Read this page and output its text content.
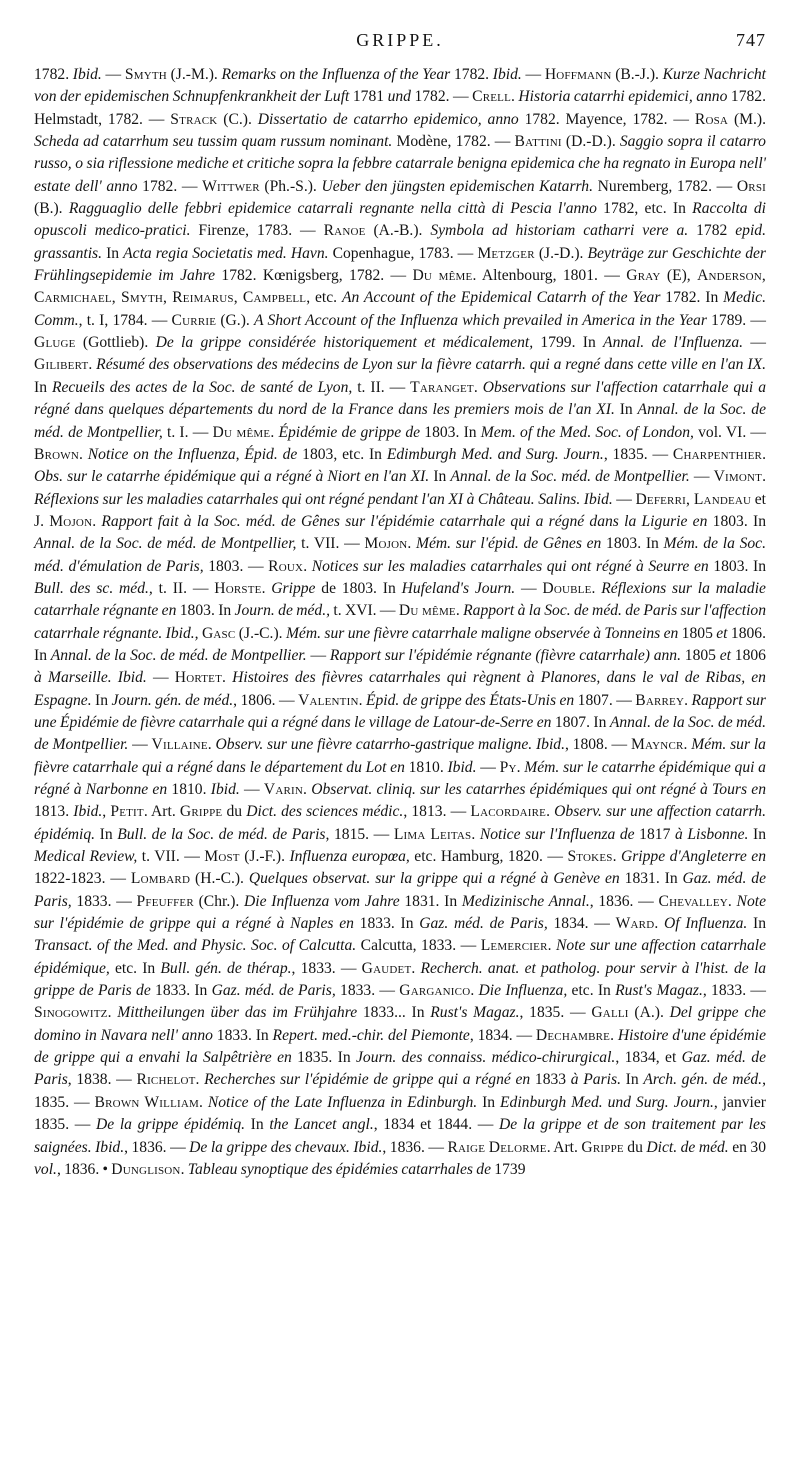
GRIPPE.	747
1782. Ibid. — Smyth (J.-M.). Remarks on the Influenza of the Year 1782. Ibid. — Hoffmann (B.-J.). Kurze Nachricht von der epidemischen Schnupfenkrankheit der Luft 1781 und 1782. — Crell. Historia catarrhi epidemici, anno 1782. Helmstadt, 1782. — Strack (C.). Dissertatio de catarrho epidemico, anno 1782. Mayence, 1782. — Rosa (M.). Scheda ad catarrhum seu tussim quam russum nominant. Modène, 1782. — Battini (D.-D.). Saggio sopra il catarro russo, o sia riflessione mediche et critiche sopra la febbre catarrale benigna epidemica che ha regnato in Europa nell' estate dell' anno 1782. — Wittwer (Ph.-S.). Ueber den jüngsten epidemischen Katarrh. Nuremberg, 1782. — Orsi (B.). Ragguaglio delle febbri epidemice catarrali regnante nella città di Pescia l'anno 1782, etc. In Raccolta di opuscoli medico-pratici. Firenze, 1783. — Ranoe (A.-B.). Symbola ad historiam catharri vere a. 1782 epid. grassantis. In Acta regia Societatis med. Havn. Copenhague, 1783. — Metzger (J.-D.). Beyträge zur Geschichte der Frühlingsepidemie im Jahre 1782. Kœnigsberg, 1782. — Du même. Altenbourg, 1801. — Gray (E), Anderson, Carmichael, Smyth, Reimarus, Campbell, etc. An Account of the Epidemical Catarrh of the Year 1782. In Medic. Comm., t. I, 1784. — Currie (G.). A Short Account of the Influenza which prevailed in America in the Year 1789. — Gluge (Gottlieb). De la grippe considérée historiquement et médicalement, 1799. In Annal. de l'Influenza. — Gilibert. Résumé des observations des médecins de Lyon sur la fièvre catarrh. qui a regné dans cette ville en l'an IX. In Recueils des actes de la Soc. de santé de Lyon, t. II. — Taranget. Observations sur l'affection catarrhale qui a régné dans quelques départements du nord de la France dans les premiers mois de l'an XI. In Annal. de la Soc. de méd. de Montpellier, t. I. — Du même. Épidémie de grippe de 1803. In Mem. of the Med. Soc. of London, vol. VI. — Brown. Notice on the Influenza, Épid. de 1803, etc. In Edimburgh Med. and Surg. Journ., 1835. — Charpenthier. Obs. sur le catarrhe épidémique qui a régné à Niort en l'an XI. In Annal. de la Soc. méd. de Montpellier. — Vimont. Réflexions sur les maladies catarrhales qui ont régné pendant l'an XI à Château. Salins. Ibid. — Deferri, Landeau et J. Mojon. Rapport fait à la Soc. méd. de Gênes sur l'épidémie catarrhale qui a régné dans la Ligurie en 1803. In Annal. de la Soc. de méd. de Montpellier, t. VII. — Mojon. Mém. sur l'épid. de Gênes en 1803. In Mém. de la Soc. méd. d'émulation de Paris, 1803. — Roux. Notices sur les maladies catarrhales qui ont régné à Seurre en 1803. In Bull. des sc. méd., t. II. — Horste. Grippe de 1803. In Hufeland's Journ. — Double. Réflexions sur la maladie catarrhale régnante en 1803. In Journ. de méd., t. XVI. — Du même. Rapport à la Soc. de méd. de Paris sur l'affection catarrhale régnante. Ibid., Gasc (J.-C.). Mém. sur une fièvre catarrhale maligne observée à Tonneins en 1805 et 1806. In Annal. de la Soc. de méd. de Montpellier. — Rapport sur l'épidémie régnante (fièvre catarrhale) ann. 1805 et 1806 à Marseille. Ibid. — Hortet. Histoires des fièvres catarrhales qui règnent à Planores, dans le val de Ribas, en Espagne. In Journ. gén. de méd., 1806. — Valentin. Épid. de grippe des États-Unis en 1807. — Barrey. Rapport sur une Épidémie de fièvre catarrhale qui a régné dans le village de Latour-de-Serre en 1807. In Annal. de la Soc. de méd. de Montpellier. — Villaine. Observ. sur une fièvre catarrho-gastrique maligne. Ibid., 1808. — Mayncr. Mém. sur la fièvre catarrhale qui a régné dans le département du Lot en 1810. Ibid. — Py. Mém. sur le catarrhe épidémique qui a régné à Narbonne en 1810. Ibid. — Varin. Observat. cliniq. sur les catarrhes épidémiques qui ont régné à Tours en 1813. Ibid., Petit. Art. Grippe du Dict. des sciences médic., 1813. — Lacordaire. Observ. sur une affection catarrh. épidémiq. In Bull. de la Soc. de méd. de Paris, 1815. — Lima Leitas. Notice sur l'Influenza de 1817 à Lisbonne. In Medical Review, t. VII. — Most (J.-F.). Influenza europœa, etc. Hamburg, 1820. — Stokes. Grippe d'Angleterre en 1822-1823. — Lombard (H.-C.). Quelques observat. sur la grippe qui a régné à Genève en 1831. In Gaz. méd. de Paris, 1833. — Pfeuffer (Chr.). Die Influenza vom Jahre 1831. In Medizinische Annal., 1836. — Chevalley. Note sur l'épidémie de grippe qui a régné à Naples en 1833. In Gaz. méd. de Paris, 1834. — Ward. Of Influenza. In Transact. of the Med. and Physic. Soc. of Calcutta. Calcutta, 1833. — Lemercier. Note sur une affection catarrhale épidémique, etc. In Bull. gén. de thérap., 1833. — Gaudet. Recherch. anat. et patholog. pour servir à l'hist. de la grippe de Paris de 1833. In Gaz. méd. de Paris, 1833. — Garganico. Die Influenza, etc. In Rust's Magaz., 1833. — Sinogowitz. Mittheilungen über das im Frühjahre 1833... In Rust's Magaz., 1835. — Galli (A.). Del grippe che domino in Navara nell' anno 1833. In Repert. med.-chir. del Piemonte, 1834. — Dechambre. Histoire d'une épidémie de grippe qui a envahi la Salpêtrière en 1835. In Journ. des connaiss. médico-chirurgical., 1834, et Gaz. méd. de Paris, 1838. — Richelot. Recherches sur l'épidémie de grippe qui a régné en 1833 à Paris. In Arch. gén. de méd., 1835. — Brown William. Notice of the Late Influenza in Edinburgh. In Edinburgh Med. und Surg. Journ., janvier 1835. — De la grippe épidémiq. In the Lancet angl., 1834 et 1844. — De la grippe et de son traitement par les saignées. Ibid., 1836. — De la grippe des chevaux. Ibid., 1836. — Raige Delorme. Art. Grippe du Dict. de méd. en 30 vol., 1836. • Dunglison. Tableau synoptique des épidémies catarrhales de 1739
